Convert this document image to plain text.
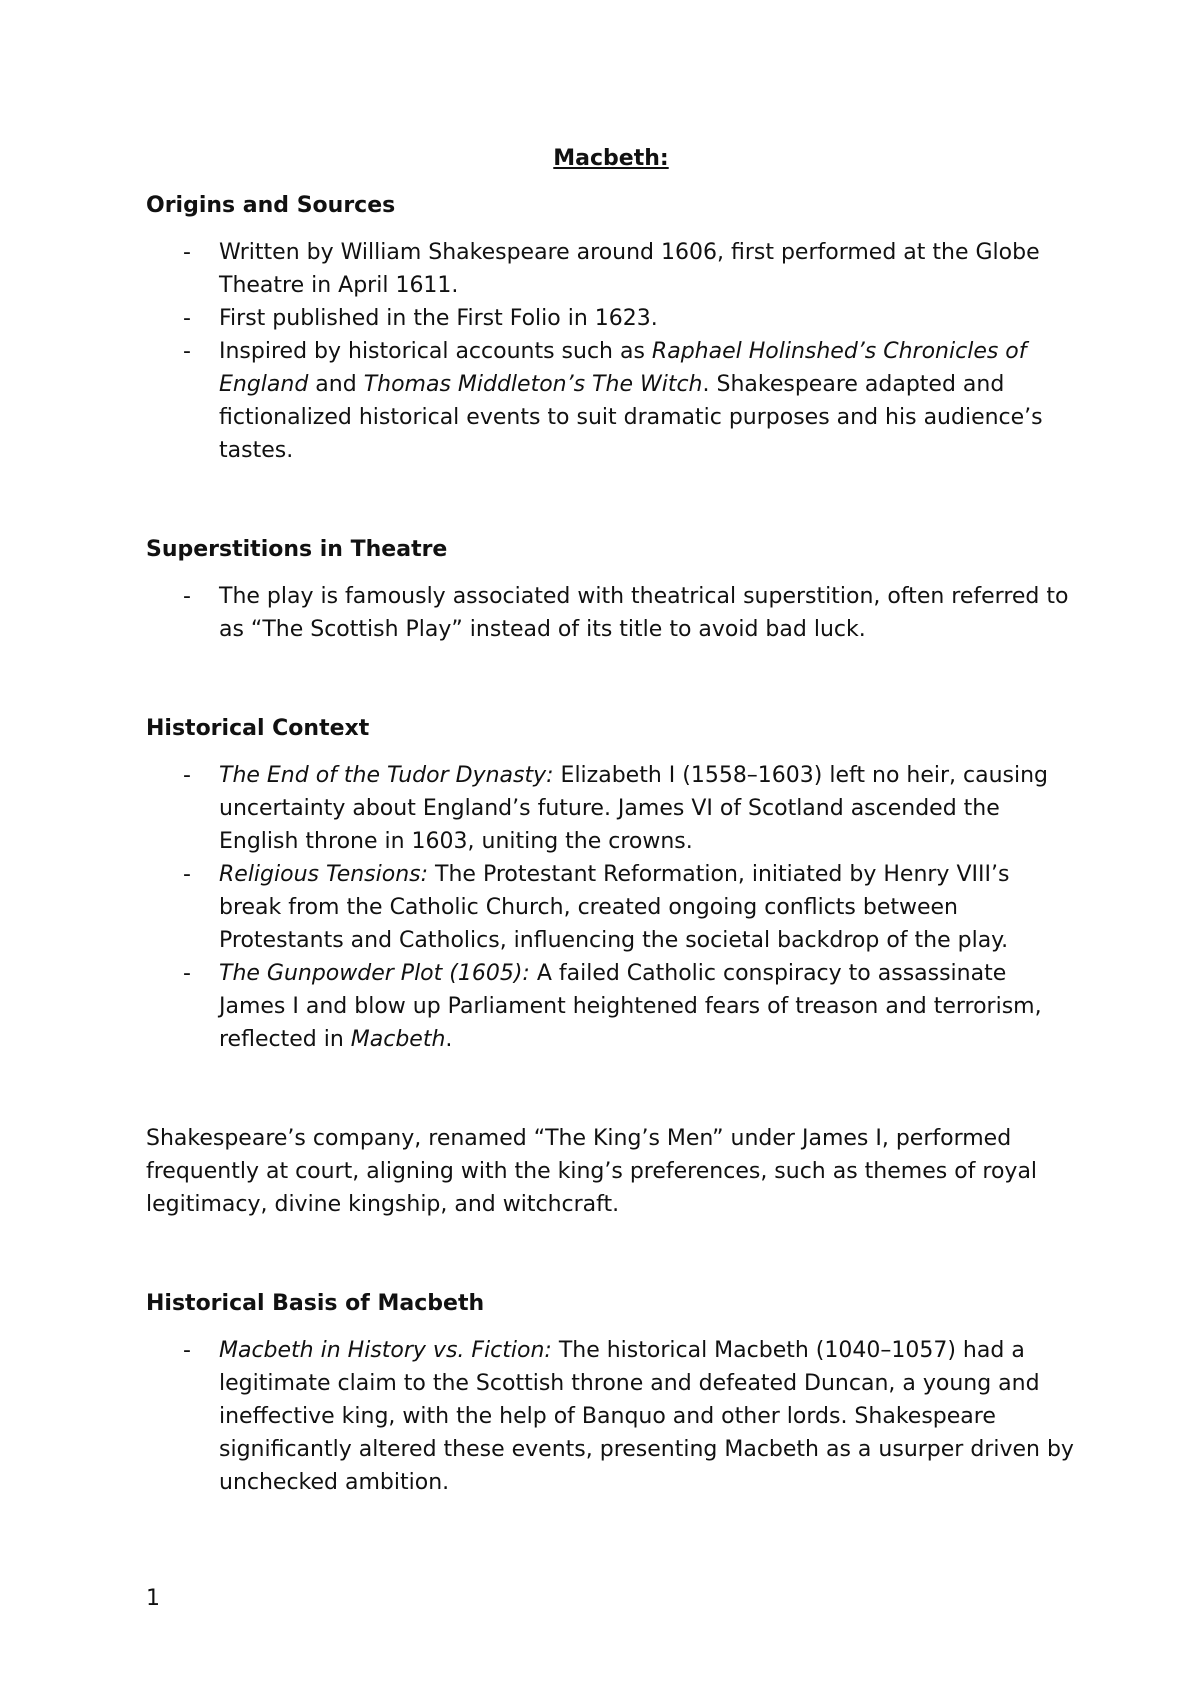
Macbeth:
Origins and Sources
- Written by William Shakespeare around 1606, first performed at the Globe Theatre in April 1611.
- First published in the First Folio in 1623.
- Inspired by historical accounts such as Raphael Holinshed’s Chronicles of England and Thomas Middleton’s The Witch. Shakespeare adapted and fictionalized historical events to suit dramatic purposes and his audience’s tastes.
Superstitions in Theatre
- The play is famously associated with theatrical superstition, often referred to as “The Scottish Play” instead of its title to avoid bad luck.
Historical Context
- The End of the Tudor Dynasty: Elizabeth I (1558–1603) left no heir, causing uncertainty about England’s future. James VI of Scotland ascended the English throne in 1603, uniting the crowns.
- Religious Tensions: The Protestant Reformation, initiated by Henry VIII’s break from the Catholic Church, created ongoing conflicts between Protestants and Catholics, influencing the societal backdrop of the play.
- The Gunpowder Plot (1605): A failed Catholic conspiracy to assassinate James I and blow up Parliament heightened fears of treason and terrorism, reflected in Macbeth.

Shakespeare’s company, renamed “The King’s Men” under James I, performed frequently at court, aligning with the king’s preferences, such as themes of royal legitimacy, divine kingship, and witchcraft.

Historical Basis of Macbeth
- Macbeth in History vs. Fiction: The historical Macbeth (1040–1057) had a legitimate claim to the Scottish throne and defeated Duncan, a young and ineffective king, with the help of Banquo and other lords. Shakespeare significantly altered these events, presenting Macbeth as a usurper driven by unchecked ambition.
1
